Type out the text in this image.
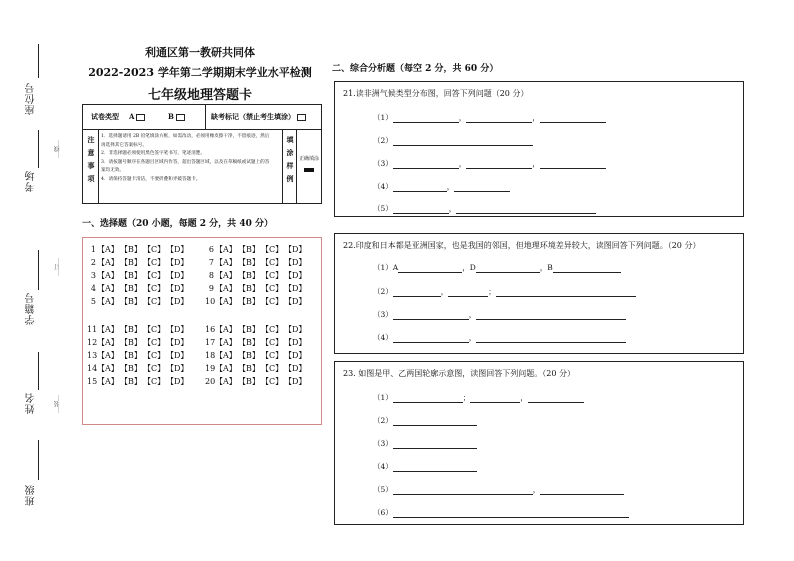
座位号
…线…
考场
…订…
学籍号
…装…
姓名
班级
利通区第一教研共同体
2022-2023 学年第二学期期末学业水平检测
七年级地理答题卡
试卷类型 A	B	缺考标记（禁止考生填涂）
注意事项
1．选择题请用 2B 铅笔填涂方框，如需改动，必须用橡皮擦干净，不留痕迹，然后再选择其它答案标号。
2．非选择题必须使用黑色签字笔书写，笔迹清楚。
3．请按题号顺序在各题目区域内作答，超出答题区域，以及在草稿纸或试题上的答案均无效。
4．请保持答题卡清洁，不要折叠和弄破答题卡。
填涂样例
正确填涂
一、选择题（20 小题，每题 2 分，共 40 分）
1【A】【B】【C】【D】
2【A】【B】【C】【D】
3【A】【B】【C】【D】
4【A】【B】【C】【D】
5【A】【B】【C】【D】
6【A】【B】【C】【D】
7【A】【B】【C】【D】
8【A】【B】【C】【D】
9【A】【B】【C】【D】
10【A】【B】【C】【D】
11【A】【B】【C】【D】
12【A】【B】【C】【D】
13【A】【B】【C】【D】
14【A】【B】【C】【D】
15【A】【B】【C】【D】
16【A】【B】【C】【D】
17【A】【B】【C】【D】
18【A】【B】【C】【D】
19【A】【B】【C】【D】
20【A】【B】【C】【D】
二、综合分析题（每空 2 分，共 60 分）
21.读非洲气候类型分布图，回答下列问题（20 分）
（1）	，	，
（2）
（3）	，	，
（4）	，
（5）	，
22.印度和日本都是亚洲国家，也是我国的邻国，但地理环境差异较大，读图回答下列问题。（20 分）
（1）A	，D	，B
（2）	，	；
（3）	，
（4）	，
23. 如图是甲、乙两国轮廓示意图，读图回答下列问题。（20 分）
（1）	；	，
（2）
（3）
（4）
（5）	，
（6）
